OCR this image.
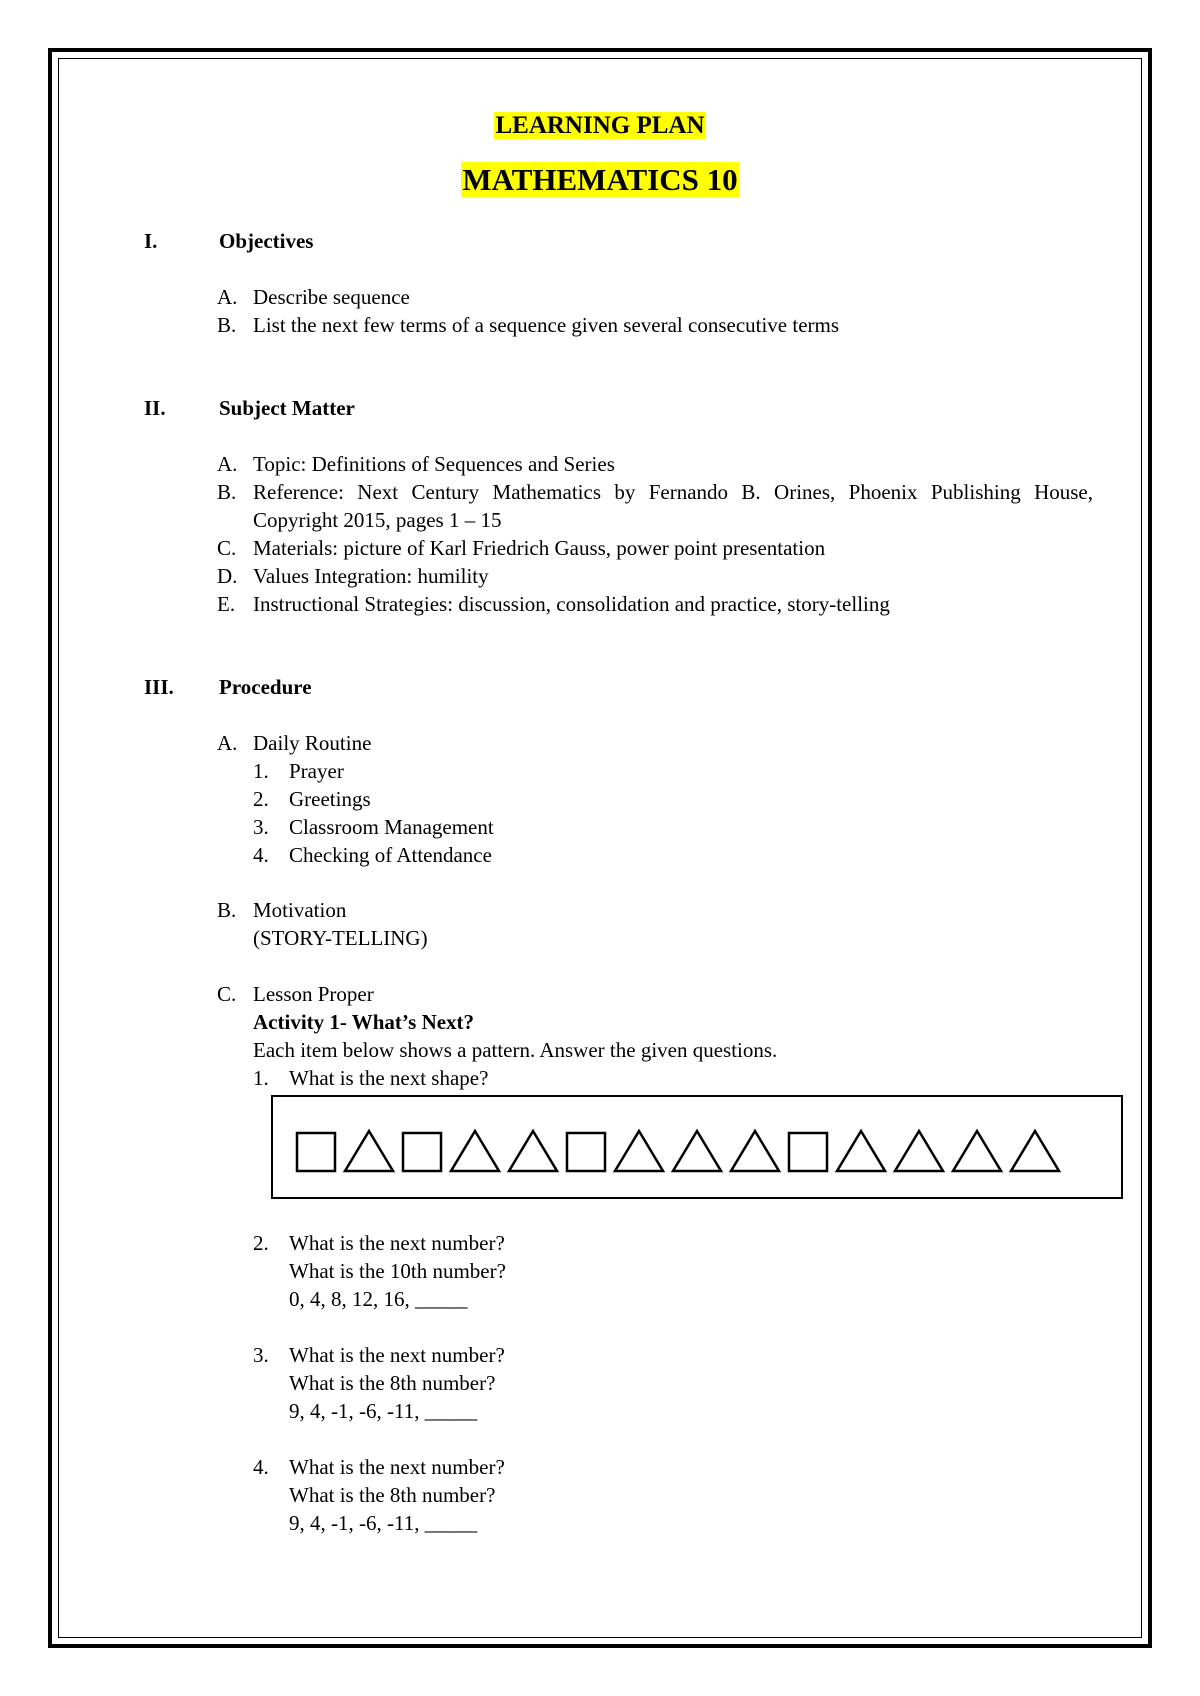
LEARNING PLAN
MATHEMATICS 10
I.	Objectives
A. Describe sequence
B. List the next few terms of a sequence given several consecutive terms
II.	Subject Matter
A. Topic: Definitions of Sequences and Series
B. Reference: Next Century Mathematics by Fernando B. Orines, Phoenix Publishing House, Copyright 2015, pages 1 – 15
C. Materials: picture of Karl Friedrich Gauss, power point presentation
D. Values Integration: humility
E. Instructional Strategies: discussion, consolidation and practice, story-telling
III. Procedure
A. Daily Routine
1. Prayer
2. Greetings
3. Classroom Management
4. Checking of Attendance
B. Motivation
(STORY-TELLING)
C. Lesson Proper
Activity 1- What’s Next?
Each item below shows a pattern. Answer the given questions.
1. What is the next shape?
2. What is the next number?
What is the 10th number?
0, 4, 8, 12, 16, _____
3. What is the next number?
What is the 8th number?
9, 4, -1, -6, -11, _____
4. What is the next number?
What is the 8th number?
9, 4, -1, -6, -11, _____
